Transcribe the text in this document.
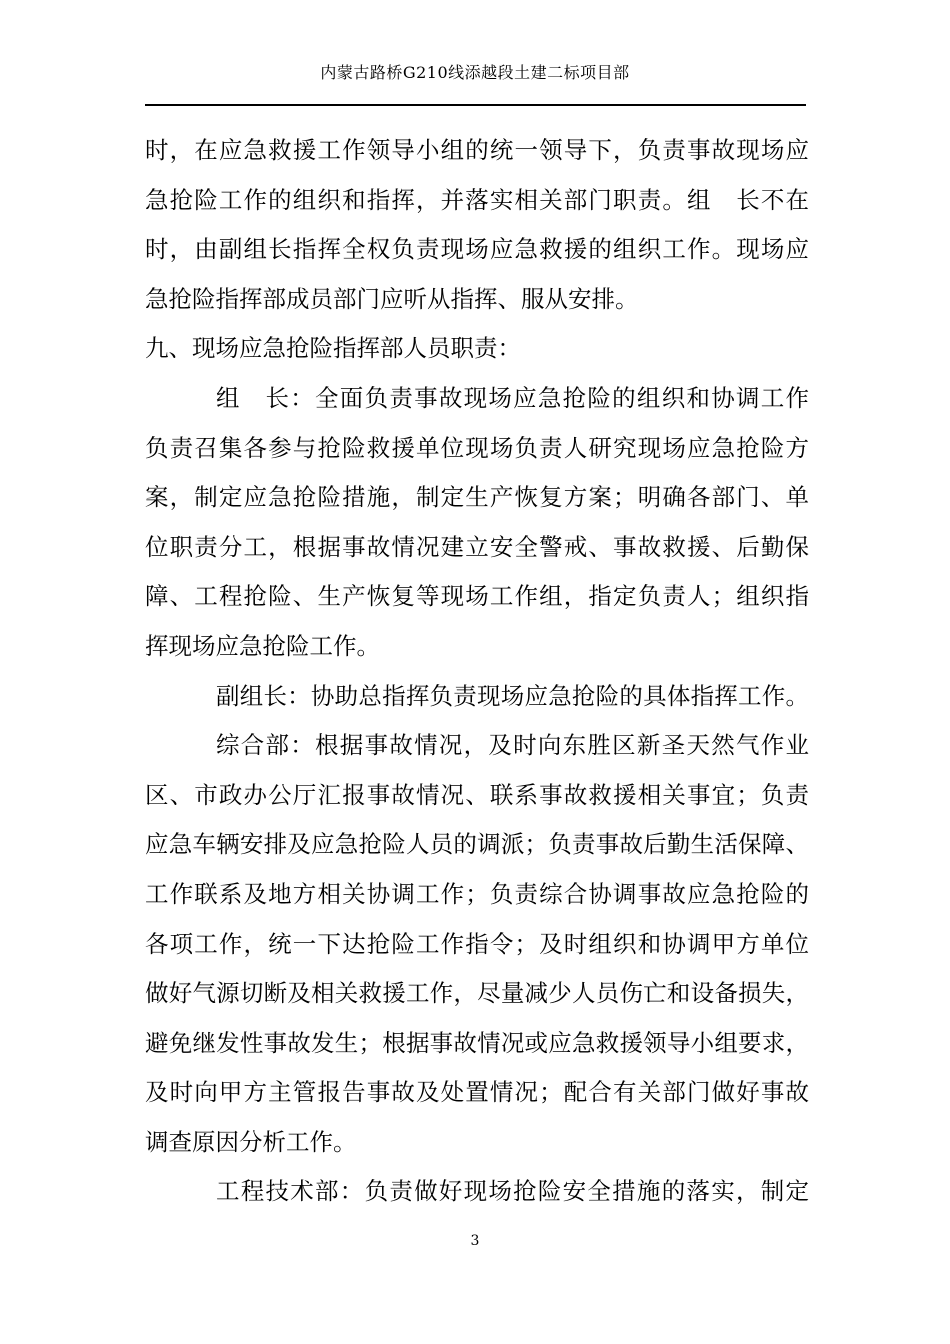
内蒙古路桥G210线添越段土建二标项目部
时，在应急救援工作领导小组的统一领导下，负责事故现场应
急抢险工作的组织和指挥，并落实相关部门职责。组　长不在
时，由副组长指挥全权负责现场应急救援的组织工作。现场应
急抢险指挥部成员部门应听从指挥、服从安排。
九、现场应急抢险指挥部人员职责：
组　长：全面负责事故现场应急抢险的组织和协调工作
负责召集各参与抢险救援单位现场负责人研究现场应急抢险方
案，制定应急抢险措施，制定生产恢复方案；明确各部门、单
位职责分工，根据事故情况建立安全警戒、事故救援、后勤保
障、工程抢险、生产恢复等现场工作组，指定负责人；组织指
挥现场应急抢险工作。
副组长：协助总指挥负责现场应急抢险的具体指挥工作。
综合部：根据事故情况，及时向东胜区新圣天然气作业
区、市政办公厅汇报事故情况、联系事故救援相关事宜；负责
应急车辆安排及应急抢险人员的调派；负责事故后勤生活保障、
工作联系及地方相关协调工作；负责综合协调事故应急抢险的
各项工作，统一下达抢险工作指令；及时组织和协调甲方单位
做好气源切断及相关救援工作，尽量减少人员伤亡和设备损失，
避免继发性事故发生；根据事故情况或应急救援领导小组要求，
及时向甲方主管报告事故及处置情况；配合有关部门做好事故
调查原因分析工作。
工程技术部：负责做好现场抢险安全措施的落实，制定
3
